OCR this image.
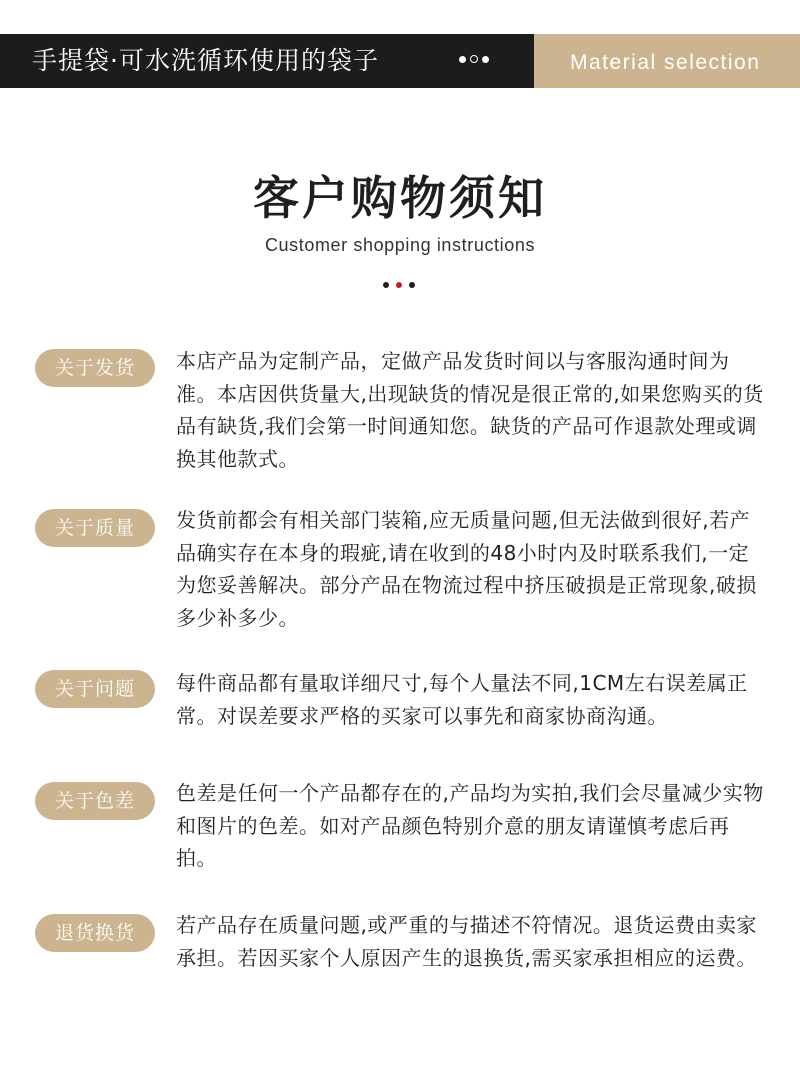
手提袋·可水洗循环使用的袋子	Material selection
客户购物须知
Customer shopping instructions
关于发货	本店产品为定制产品，定做产品发货时间以与客服沟通时间为准。本店因供货量大,出现缺货的情况是很正常的,如果您购买的货品有缺货,我们会第一时间通知您。缺货的产品可作退款处理或调换其他款式。
关于质量	发货前都会有相关部门装箱,应无质量问题,但无法做到很好,若产品确实存在本身的瑕疵,请在收到的48小时内及时联系我们,一定为您妥善解决。部分产品在物流过程中挤压破损是正常现象,破损多少补多少。
关于问题	每件商品都有量取详细尺寸,每个人量法不同,1CM左右误差属正常。对误差要求严格的买家可以事先和商家协商沟通。
关于色差	色差是任何一个产品都存在的,产品均为实拍,我们会尽量减少实物和图片的色差。如对产品颜色特别介意的朋友请谨慎考虑后再拍。
退货换货	若产品存在质量问题,或严重的与描述不符情况。退货运费由卖家承担。若因买家个人原因产生的退换货,需买家承担相应的运费。
